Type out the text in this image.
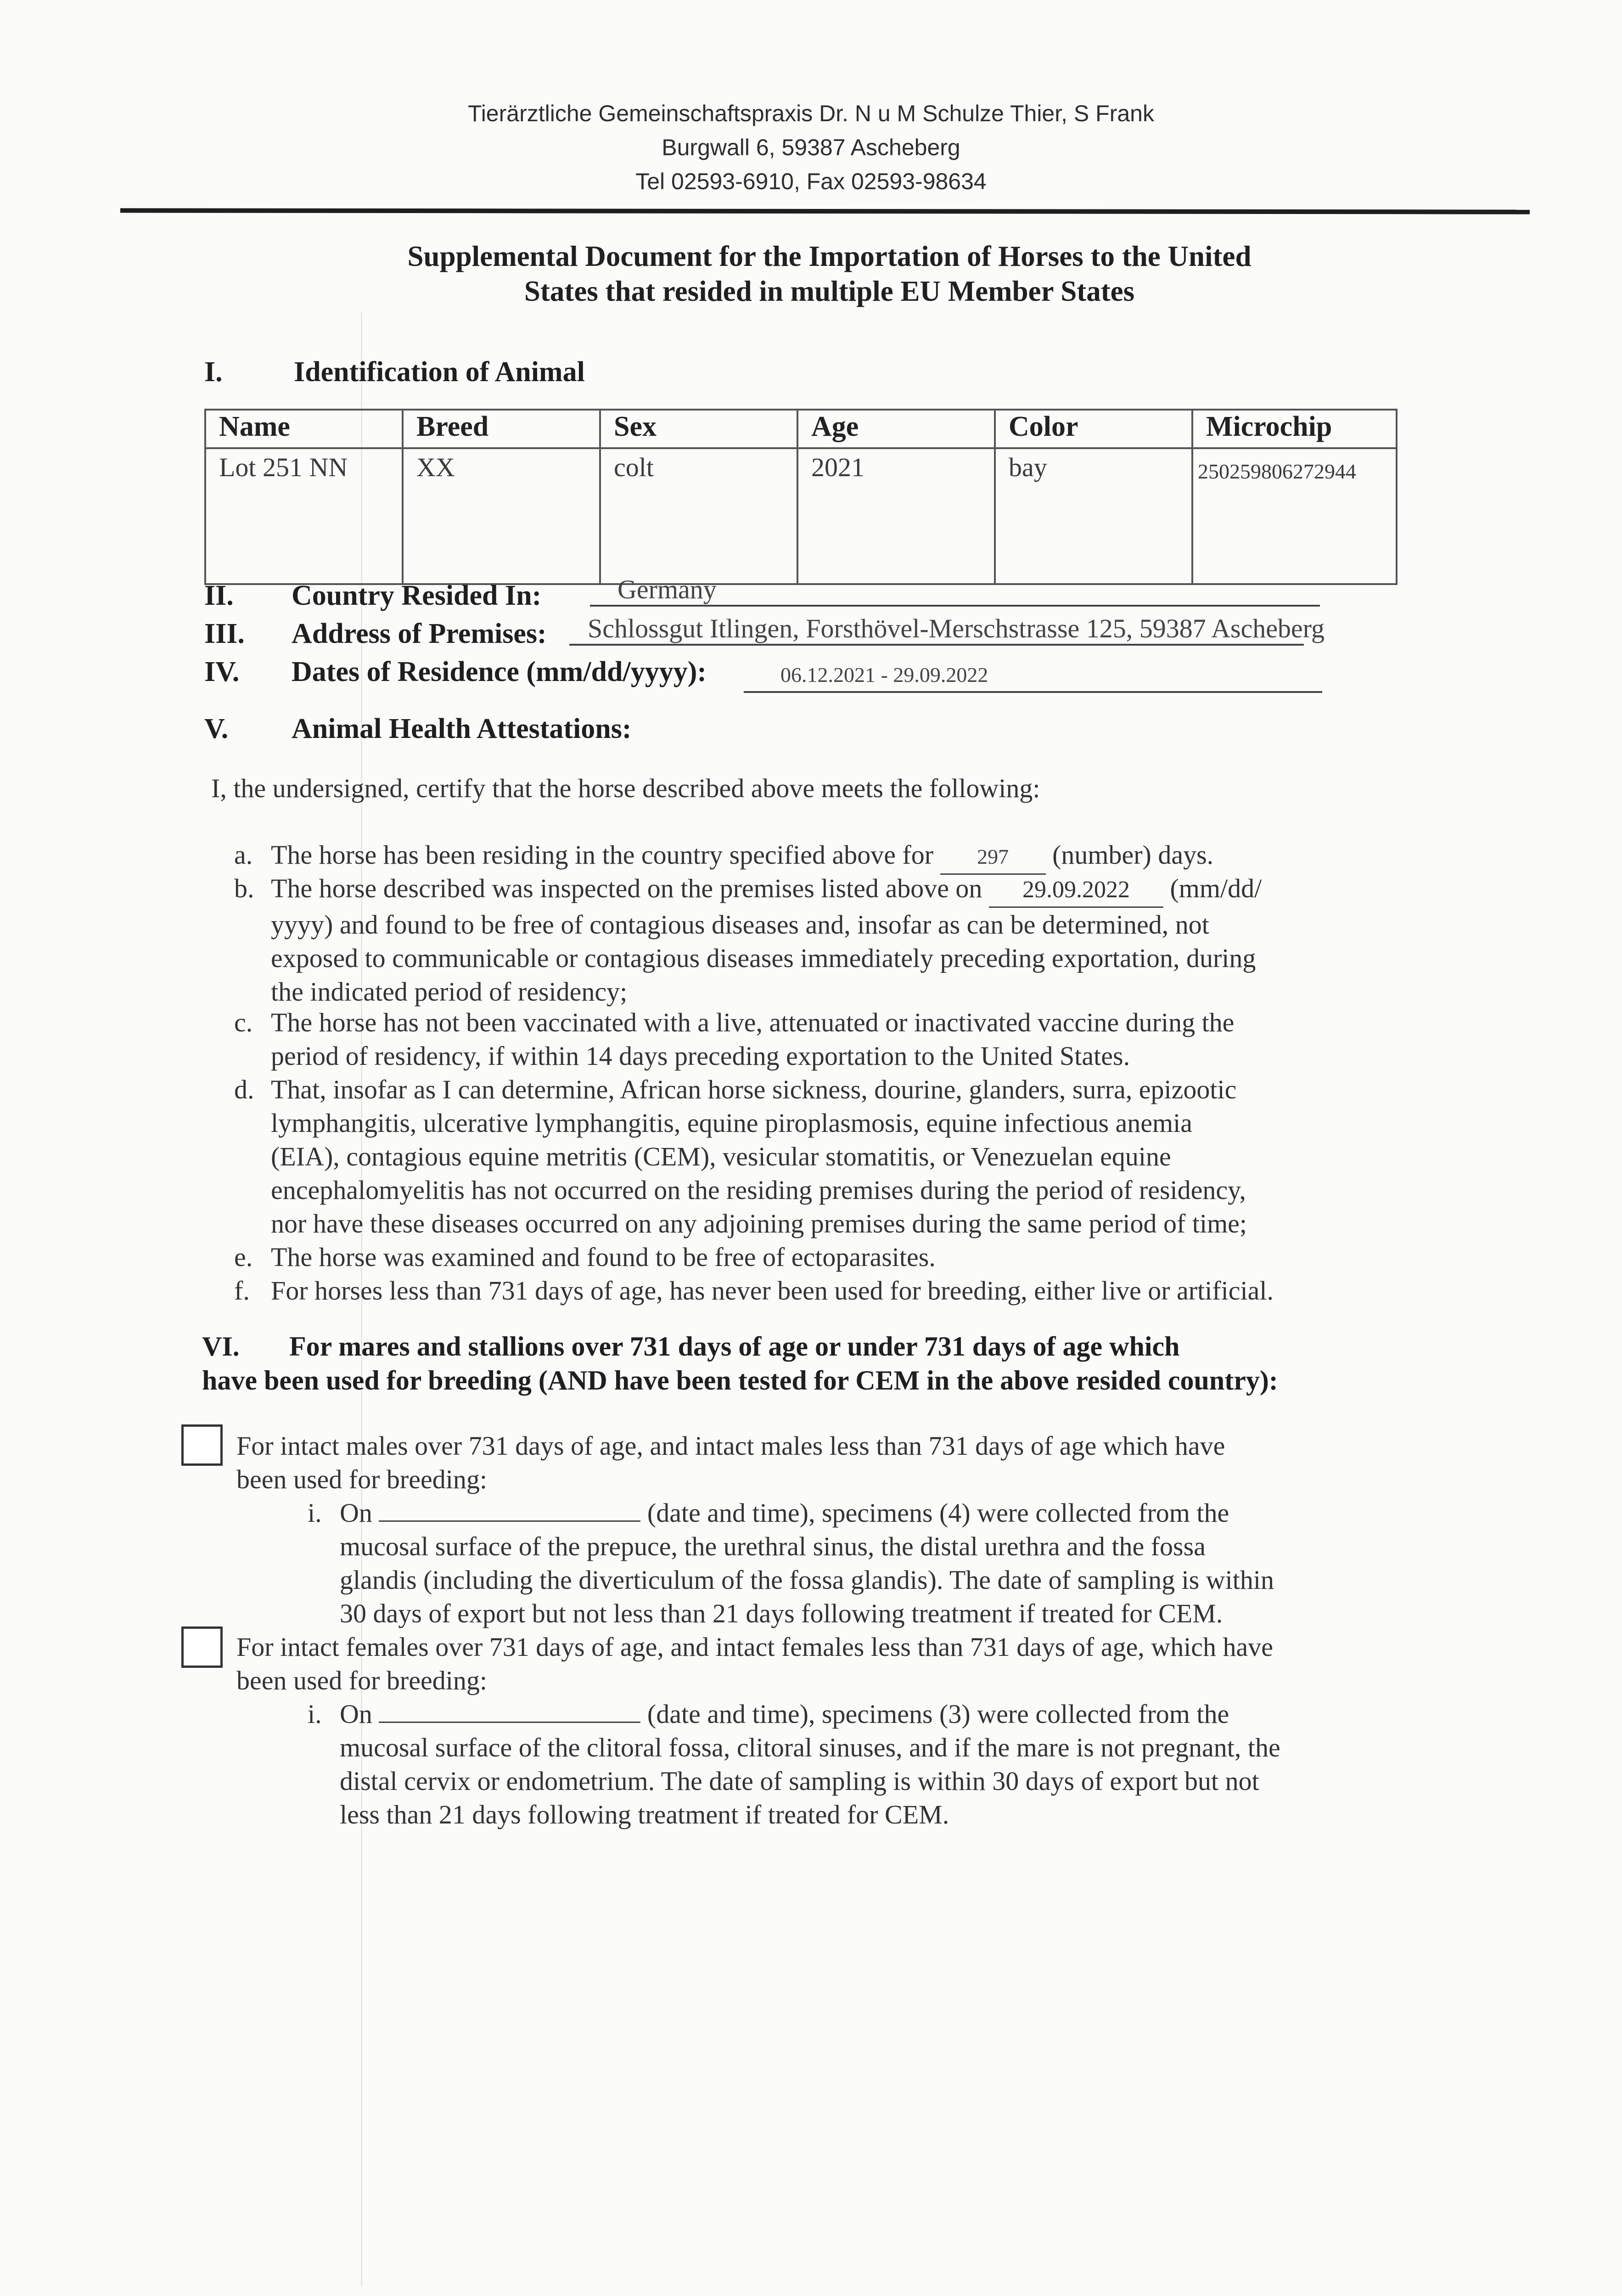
Tierärztliche Gemeinschaftspraxis Dr. N u M Schulze Thier, S Frank
Burgwall 6, 59387 Ascheberg
Tel 02593-6910, Fax 02593-98634
Supplemental Document for the Importation of Horses to the United
States that resided in multiple EU Member States
I.	Identification of Animal
Name	Breed	Sex	Age	Color	Microchip
Lot 251 NN	XX	colt	2021	bay	250259806272944
II. Country Resided In:	Germany
III. Address of Premises:	Schlossgut Itlingen, Forsthövel-Merschstrasse 125, 59387 Ascheberg
IV. Dates of Residence (mm/dd/yyyy):	06.12.2021 - 29.09.2022
V. Animal Health Attestations:
I, the undersigned, certify that the horse described above meets the following:
a. The horse has been residing in the country specified above for 297 (number) days.
b. The horse described was inspected on the premises listed above on 29.09.2022 (mm/dd/
yyyy) and found to be free of contagious diseases and, insofar as can be determined, not
exposed to communicable or contagious diseases immediately preceding exportation, during
the indicated period of residency;
c. The horse has not been vaccinated with a live, attenuated or inactivated vaccine during the
period of residency, if within 14 days preceding exportation to the United States.
d. That, insofar as I can determine, African horse sickness, dourine, glanders, surra, epizootic
lymphangitis, ulcerative lymphangitis, equine piroplasmosis, equine infectious anemia
(EIA), contagious equine metritis (CEM), vesicular stomatitis, or Venezuelan equine
encephalomyelitis has not occurred on the residing premises during the period of residency,
nor have these diseases occurred on any adjoining premises during the same period of time;
e. The horse was examined and found to be free of ectoparasites.
f. For horses less than 731 days of age, has never been used for breeding, either live or artificial.
VI. For mares and stallions over 731 days of age or under 731 days of age which
have been used for breeding (AND have been tested for CEM in the above resided country):
For intact males over 731 days of age, and intact males less than 731 days of age which have
been used for breeding:
i. On	(date and time), specimens (4) were collected from the
mucosal surface of the prepuce, the urethral sinus, the distal urethra and the fossa
glandis (including the diverticulum of the fossa glandis). The date of sampling is within
30 days of export but not less than 21 days following treatment if treated for CEM.
For intact females over 731 days of age, and intact females less than 731 days of age, which have
been used for breeding:
i. On	(date and time), specimens (3) were collected from the
mucosal surface of the clitoral fossa, clitoral sinuses, and if the mare is not pregnant, the
distal cervix or endometrium. The date of sampling is within 30 days of export but not
less than 21 days following treatment if treated for CEM.
